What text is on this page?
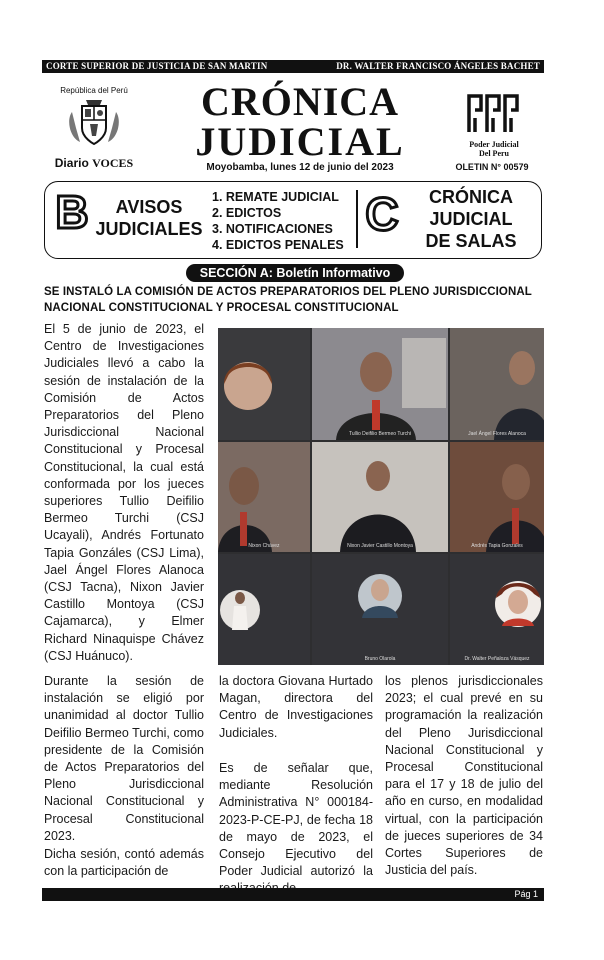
CORTE SUPERIOR DE JUSTICIA DE SAN MARTIN	DR. WALTER FRANCISCO ÁNGELES BACHET
República del Perú
Diario VOCES
CRÓNICA
JUDICIAL
Moyobamba, lunes 12 de junio del 2023
Poder Judicial
Del Peru
OLETIN N° 00579
B	AVISOS
JUDICIALES
1. REMATE JUDICIAL
2. EDICTOS
3. NOTIFICACIONES
4. EDICTOS PENALES
C	CRÓNICA
JUDICIAL
DE SALAS
SECCIÓN A: Boletín Informativo
SE INSTALÓ LA COMISIÓN DE ACTOS PREPARATORIOS DEL PLENO JURISDICCIONAL NACIONAL CONSTITUCIONAL Y PROCESAL CONSTITUCIONAL
El 5 de junio de 2023, el Centro de Investigaciones Judiciales llevó a cabo la sesión de instalación de la Comisión de Actos Preparatorios del Pleno Jurisdiccional Nacional Constitucional y Procesal Constitucional, la cual está conformada por los jueces superiores Tullio Deifilio Bermeo Turchi (CSJ Ucayali), Andrés Fortunato Tapia Gonzáles (CSJ Lima), Jael Ángel Flores Alanoca (CSJ Tacna), Nixon Javier Castillo Montoya (CSJ Cajamarca), y Elmer Richard Ninaquispe Chávez (CSJ Huánuco).
Durante la sesión de instalación se eligió por unanimidad al doctor Tullio Deifilio Bermeo Turchi, como presidente de la Comisión de Actos Preparatorios del Pleno Jurisdiccional Nacional Constitucional y Procesal Constitucional 2023.
Dicha sesión, contó además con la participación de
la doctora Giovana Hurtado Magan, directora del Centro de Investigaciones Judiciales.
Es de señalar que, mediante Resolución Administrativa N° 000184-2023-P-CE-PJ, de fecha 18 de mayo de 2023, el Consejo Ejecutivo del Poder Judicial autorizó la
los plenos jurisdiccionales 2023; el cual prevé en su programación la realización del Pleno Jurisdiccional Nacional Constitucional y Procesal Constitucional para el 17 y 18 de julio del año en curso, en modalidad virtual, con la participación de jueces superiores de 34 Cortes Superiores de Justicia del país.
Tullio Deifilio Bermeo Turchi	Jael Ángel Flores Alanoca
Nixon Chávez	Nixon Javier Castillo Montoya	Andrés Tapia Gonzales
Bruno Olarola	Dr. Walter Peñaloza Vásquez
Pág 1
